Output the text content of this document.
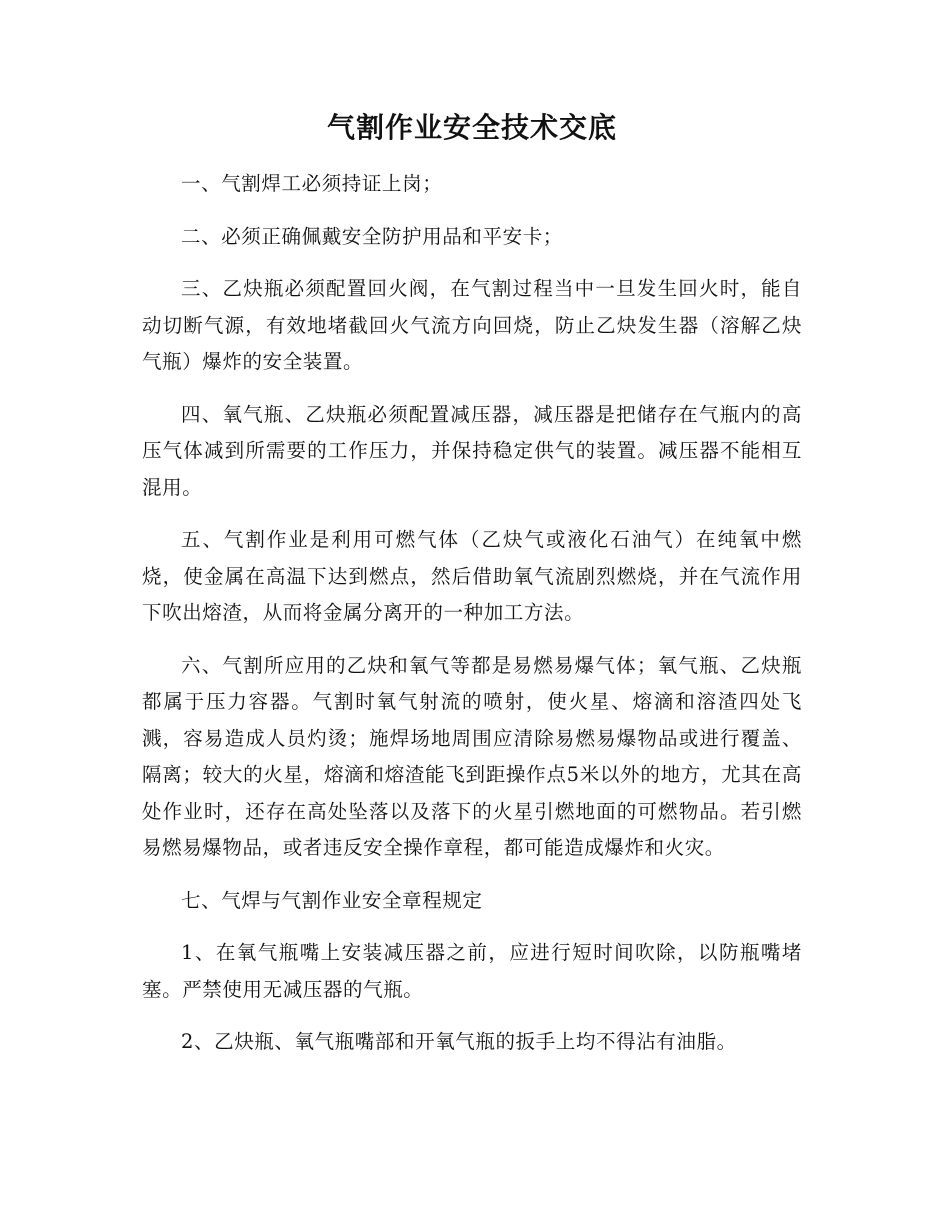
气割作业安全技术交底

一、气割焊工必须持证上岗；

二、必须正确佩戴安全防护用品和平安卡；

三、乙炔瓶必须配置回火阀，在气割过程当中一旦发生回火时，能自动切断气源，有效地堵截回火气流方向回烧，防止乙炔发生器（溶解乙炔气瓶）爆炸的安全装置。

四、氧气瓶、乙炔瓶必须配置减压器，减压器是把储存在气瓶内的高压气体减到所需要的工作压力，并保持稳定供气的装置。减压器不能相互混用。

五、气割作业是利用可燃气体（乙炔气或液化石油气）在纯氧中燃烧，使金属在高温下达到燃点，然后借助氧气流剧烈燃烧，并在气流作用下吹出熔渣，从而将金属分离开的一种加工方法。

六、气割所应用的乙炔和氧气等都是易燃易爆气体；氧气瓶、乙炔瓶都属于压力容器。气割时氧气射流的喷射，使火星、熔滴和溶渣四处飞溅，容易造成人员灼烫；施焊场地周围应清除易燃易爆物品或进行覆盖、隔离；较大的火星，熔滴和熔渣能飞到距操作点5米以外的地方，尤其在高处作业时，还存在高处坠落以及落下的火星引燃地面的可燃物品。若引燃易燃易爆物品，或者违反安全操作章程，都可能造成爆炸和火灾。

七、气焊与气割作业安全章程规定

1、在氧气瓶嘴上安装减压器之前，应进行短时间吹除，以防瓶嘴堵塞。严禁使用无减压器的气瓶。

2、乙炔瓶、氧气瓶嘴部和开氧气瓶的扳手上均不得沾有油脂。
